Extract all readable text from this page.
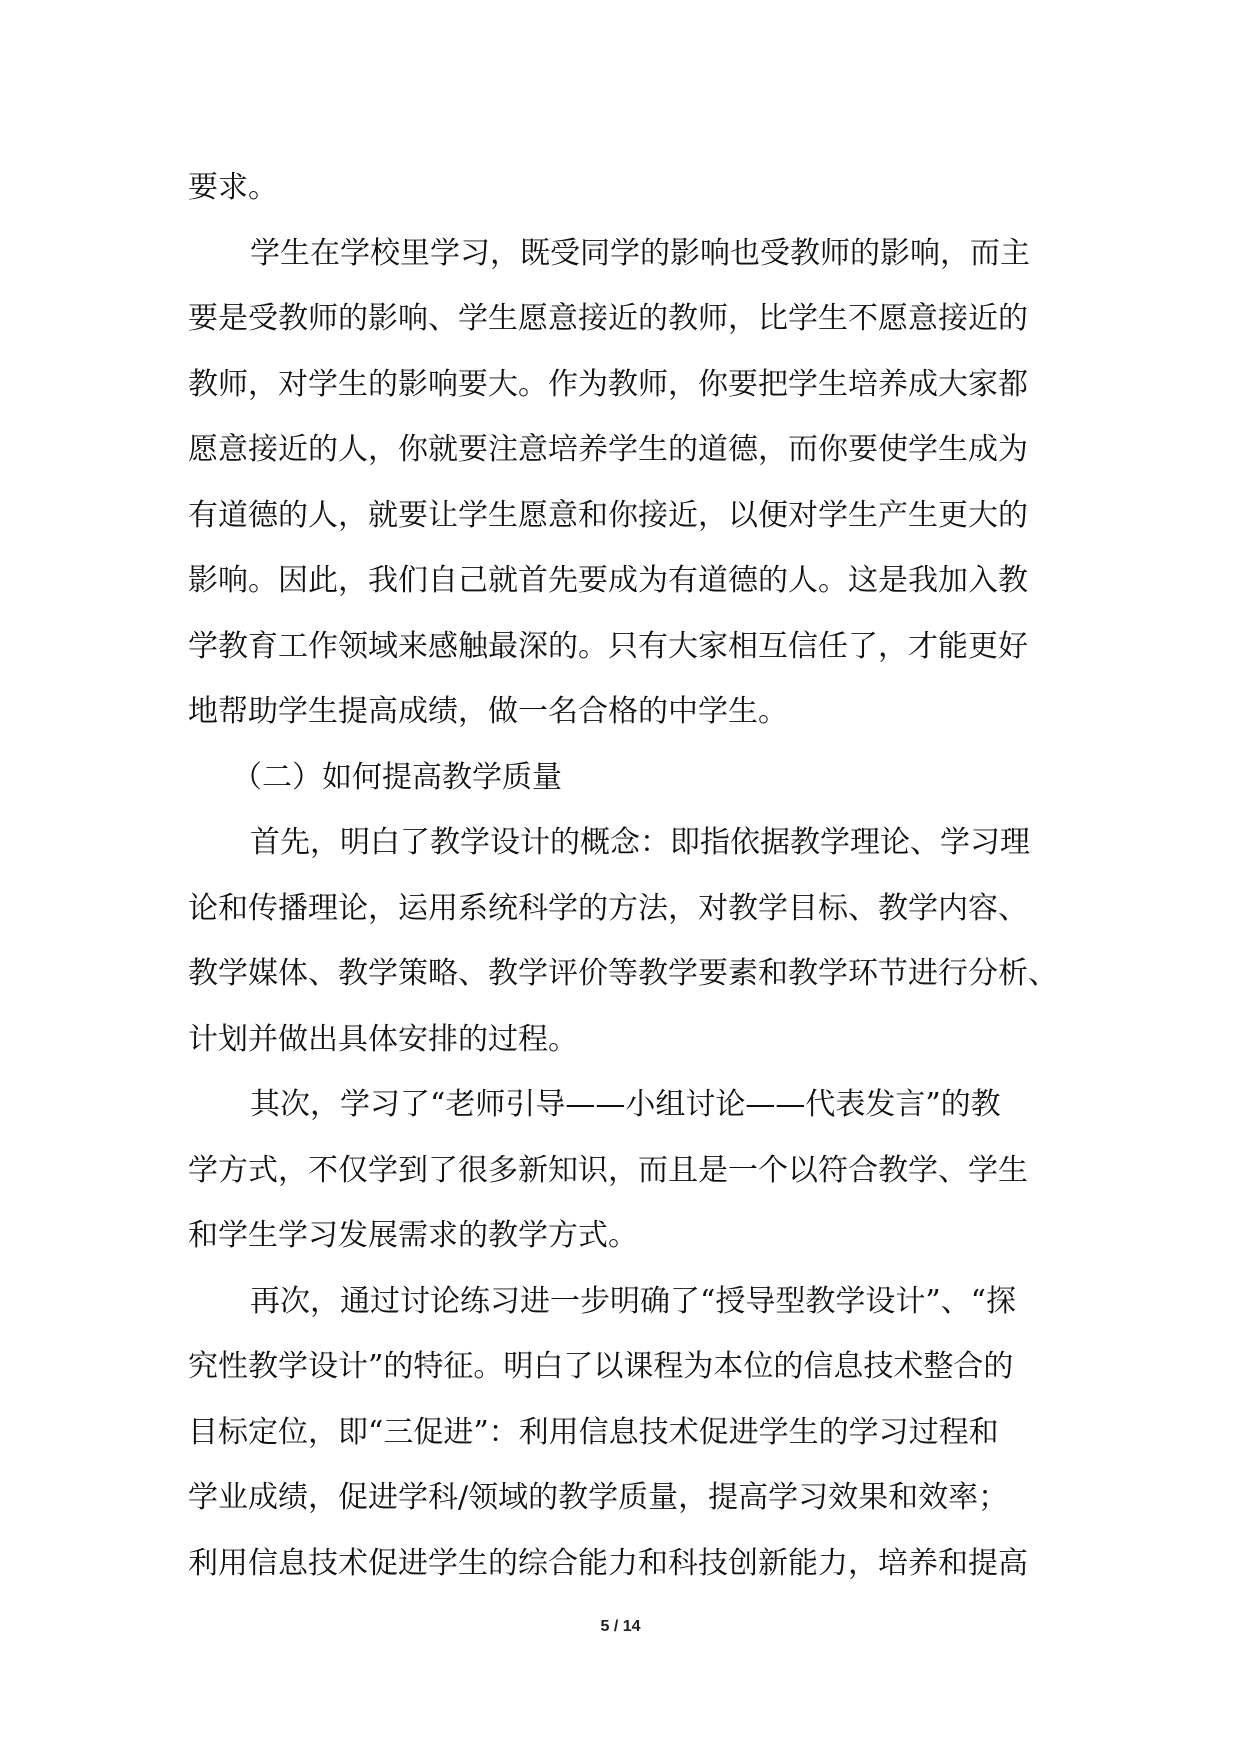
要求。
学生在学校里学习，既受同学的影响也受教师的影响，而主
要是受教师的影响、学生愿意接近的教师，比学生不愿意接近的
教师，对学生的影响要大。作为教师，你要把学生培养成大家都
愿意接近的人，你就要注意培养学生的道德，而你要使学生成为
有道德的人，就要让学生愿意和你接近，以便对学生产生更大的
影响。因此，我们自己就首先要成为有道德的人。这是我加入教
学教育工作领域来感触最深的。只有大家相互信任了，才能更好
地帮助学生提高成绩，做一名合格的中学生。
（二）如何提高教学质量
首先，明白了教学设计的概念：即指依据教学理论、学习理
论和传播理论，运用系统科学的方法，对教学目标、教学内容、
教学媒体、教学策略、教学评价等教学要素和教学环节进行分析、
计划并做出具体安排的过程。
其次，学习了“老师引导——小组讨论——代表发言”的教
学方式，不仅学到了很多新知识，而且是一个以符合教学、学生
和学生学习发展需求的教学方式。
再次，通过讨论练习进一步明确了“授导型教学设计”、“探
究性教学设计”的特征。明白了以课程为本位的信息技术整合的
目标定位，即“三促进”：利用信息技术促进学生的学习过程和
学业成绩，促进学科/领域的教学质量，提高学习效果和效率；
利用信息技术促进学生的综合能力和科技创新能力，培养和提高
5 / 14
